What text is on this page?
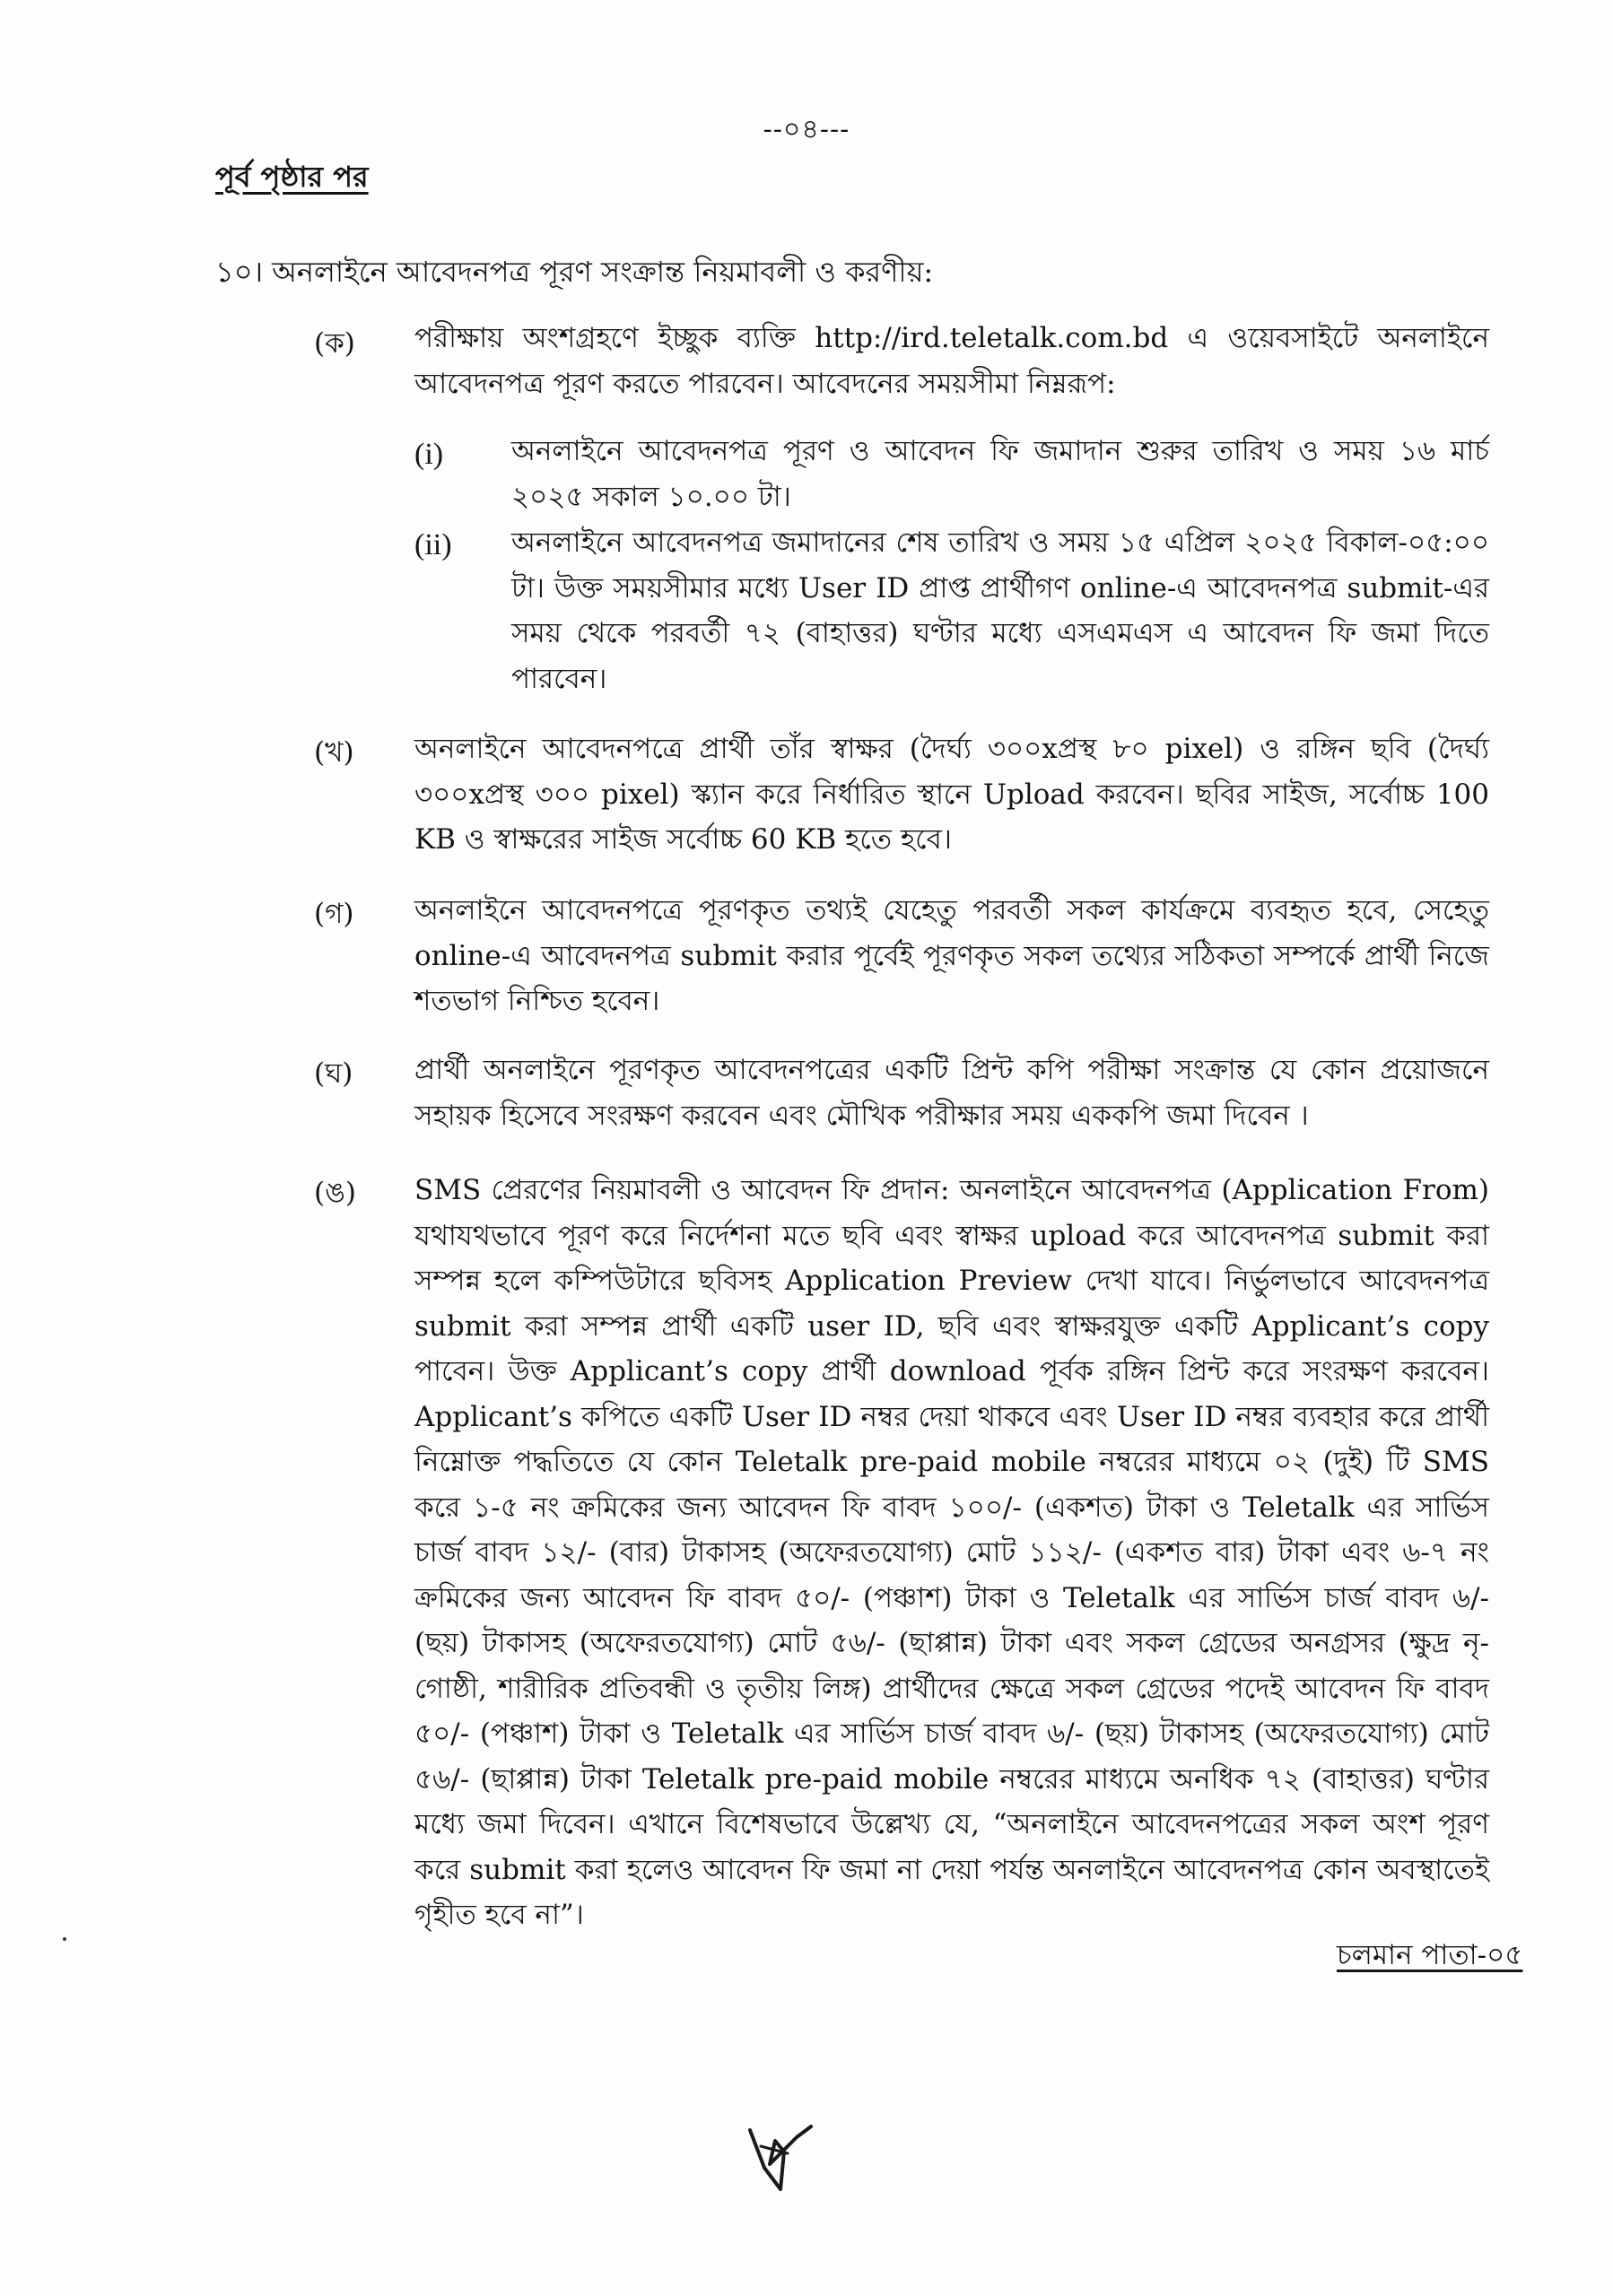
--০৪---
পূর্ব পৃষ্ঠার পর
১০। অনলাইনে আবেদনপত্র পূরণ সংক্রান্ত নিয়মাবলী ও করণীয়:
(ক)	পরীক্ষায় অংশগ্রহণে ইচ্ছুক ব্যক্তি http://ird.teletalk.com.bd এ ওয়েবসাইটে অনলাইনে আবেদনপত্র পূরণ করতে পারবেন। আবেদনের সময়সীমা নিম্নরূপ:
(i)	অনলাইনে আবেদনপত্র পূরণ ও আবেদন ফি জমাদান শুরুর তারিখ ও সময় ১৬ মার্চ ২০২৫ সকাল ১০.০০ টা।
(ii)	অনলাইনে আবেদনপত্র জমাদানের শেষ তারিখ ও সময় ১৫ এপ্রিল ২০২৫ বিকাল-০৫:০০ টা। উক্ত সময়সীমার মধ্যে User ID প্রাপ্ত প্রার্থীগণ online-এ আবেদনপত্র submit-এর সময় থেকে পরবর্তী ৭২ (বাহাত্তর) ঘণ্টার মধ্যে এসএমএস এ আবেদন ফি জমা দিতে পারবেন।
(খ)	অনলাইনে আবেদনপত্রে প্রার্থী তাঁর স্বাক্ষর (দৈর্ঘ্য ৩০০xপ্রস্থ ৮০ pixel) ও রঙ্গিন ছবি (দৈর্ঘ্য ৩০০xপ্রস্থ ৩০০ pixel) স্ক্যান করে নির্ধারিত স্থানে Upload করবেন। ছবির সাইজ, সর্বোচ্চ 100 KB ও স্বাক্ষরের সাইজ সর্বোচ্চ 60 KB হতে হবে।
(গ)	অনলাইনে আবেদনপত্রে পূরণকৃত তথ্যই যেহেতু পরবর্তী সকল কার্যক্রমে ব্যবহৃত হবে, সেহেতু online-এ আবেদনপত্র submit করার পূর্বেই পূরণকৃত সকল তথ্যের সঠিকতা সম্পর্কে প্রার্থী নিজে শতভাগ নিশ্চিত হবেন।
(ঘ)	প্রার্থী অনলাইনে পূরণকৃত আবেদনপত্রের একটি প্রিন্ট কপি পরীক্ষা সংক্রান্ত যে কোন প্রয়োজনে সহায়ক হিসেবে সংরক্ষণ করবেন এবং মৌখিক পরীক্ষার সময় এককপি জমা দিবেন ।
(ঙ)	SMS প্রেরণের নিয়মাবলী ও আবেদন ফি প্রদান: অনলাইনে আবেদনপত্র (Application From) যথাযথভাবে পূরণ করে নির্দেশনা মতে ছবি এবং স্বাক্ষর upload করে আবেদনপত্র submit করা সম্পন্ন হলে কম্পিউটারে ছবিসহ Application Preview দেখা যাবে। নির্ভুলভাবে আবেদনপত্র submit করা সম্পন্ন প্রার্থী একটি user ID, ছবি এবং স্বাক্ষরযুক্ত একটি Applicant’s copy পাবেন। উক্ত Applicant’s copy প্রার্থী download পূর্বক রঙ্গিন প্রিন্ট করে সংরক্ষণ করবেন। Applicant’s কপিতে একটি User ID নম্বর দেয়া থাকবে এবং User ID নম্বর ব্যবহার করে প্রার্থী নিম্নোক্ত পদ্ধতিতে যে কোন Teletalk pre-paid mobile নম্বরের মাধ্যমে ০২ (দুই) টি SMS করে ১-৫ নং ক্রমিকের জন্য আবেদন ফি বাবদ ১০০/- (একশত) টাকা ও Teletalk এর সার্ভিস চার্জ বাবদ ১২/- (বার) টাকাসহ (অফেরতযোগ্য) মোট ১১২/- (একশত বার) টাকা এবং ৬-৭ নং ক্রমিকের জন্য আবেদন ফি বাবদ ৫০/- (পঞ্চাশ) টাকা ও Teletalk এর সার্ভিস চার্জ বাবদ ৬/- (ছয়) টাকাসহ (অফেরতযোগ্য) মোট ৫৬/- (ছাপ্পান্ন) টাকা এবং সকল গ্রেডের অনগ্রসর (ক্ষুদ্র নৃ-গোষ্ঠী, শারীরিক প্রতিবন্ধী ও তৃতীয় লিঙ্গ) প্রার্থীদের ক্ষেত্রে সকল গ্রেডের পদেই আবেদন ফি বাবদ ৫০/- (পঞ্চাশ) টাকা ও Teletalk এর সার্ভিস চার্জ বাবদ ৬/- (ছয়) টাকাসহ (অফেরতযোগ্য) মোট ৫৬/- (ছাপ্পান্ন) টাকা Teletalk pre-paid mobile নম্বরের মাধ্যমে অনধিক ৭২ (বাহাত্তর) ঘণ্টার মধ্যে জমা দিবেন। এখানে বিশেষভাবে উল্লেখ্য যে, “অনলাইনে আবেদনপত্রের সকল অংশ পূরণ করে submit করা হলেও আবেদন ফি জমা না দেয়া পর্যন্ত অনলাইনে আবেদনপত্র কোন অবস্থাতেই গৃহীত হবে না”।
চলমান পাতা-০৫
